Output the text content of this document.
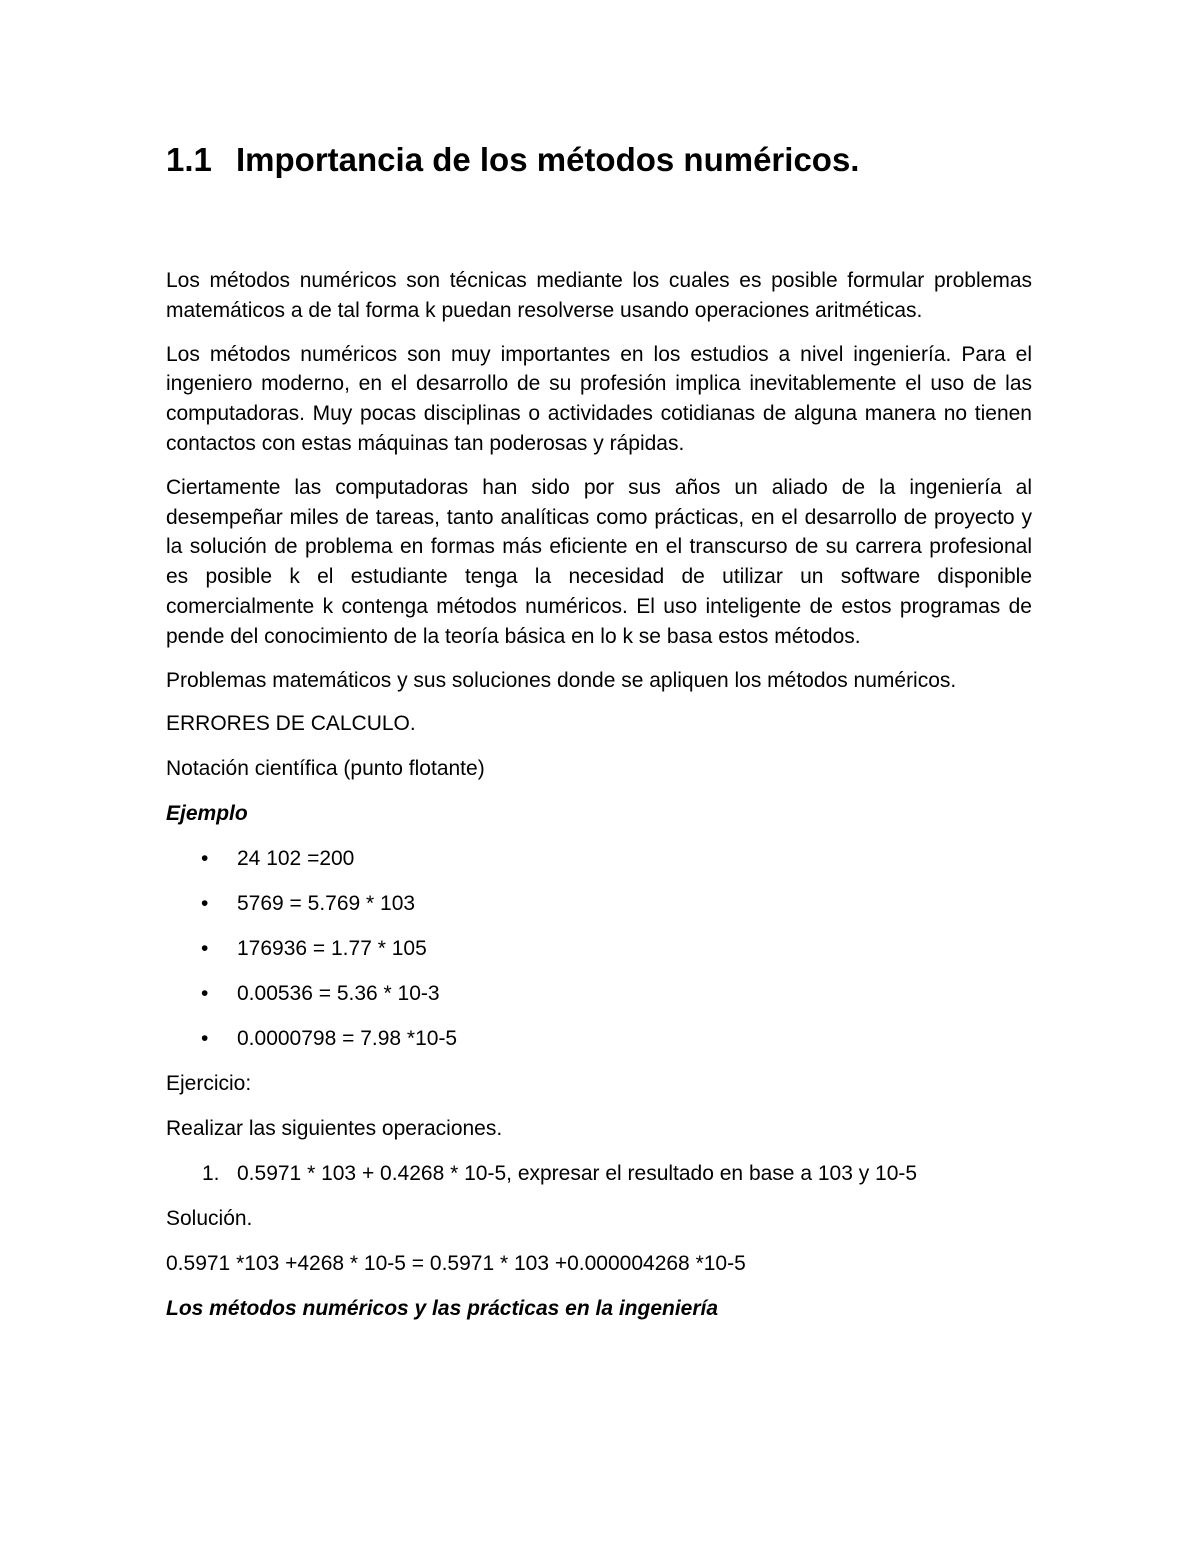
1.1 Importancia de los métodos numéricos.

Los métodos numéricos son técnicas mediante los cuales es posible formular problemas matemáticos a de tal forma k puedan resolverse usando operaciones aritméticas.

Los métodos numéricos son muy importantes en los estudios a nivel ingeniería. Para el ingeniero moderno, en el desarrollo de su profesión implica inevitablemente el uso de las computadoras. Muy pocas disciplinas o actividades cotidianas de alguna manera no tienen contactos con estas máquinas tan poderosas y rápidas.

Ciertamente las computadoras han sido por sus años un aliado de la ingeniería al desempeñar miles de tareas, tanto analíticas como prácticas, en el desarrollo de proyecto y la solución de problema en formas más eficiente en el transcurso de su carrera profesional es posible k el estudiante tenga la necesidad de utilizar un software disponible comercialmente k contenga métodos numéricos. El uso inteligente de estos programas de pende del conocimiento de la teoría básica en lo k se basa estos métodos.

Problemas matemáticos y sus soluciones donde se apliquen los métodos numéricos.

ERRORES DE CALCULO.

Notación científica (punto flotante)

Ejemplo

• 24 102 =200
• 5769 = 5.769 * 103
• 176936 = 1.77 * 105
• 0.00536 = 5.36 * 10-3
• 0.0000798 = 7.98 *10-5

Ejercicio:

Realizar las siguientes operaciones.

1. 0.5971 * 103 + 0.4268 * 10-5, expresar el resultado en base a 103 y 10-5

Solución.

0.5971 *103 +4268 * 10-5 = 0.5971 * 103 +0.000004268 *10-5

Los métodos numéricos y las prácticas en la ingeniería
